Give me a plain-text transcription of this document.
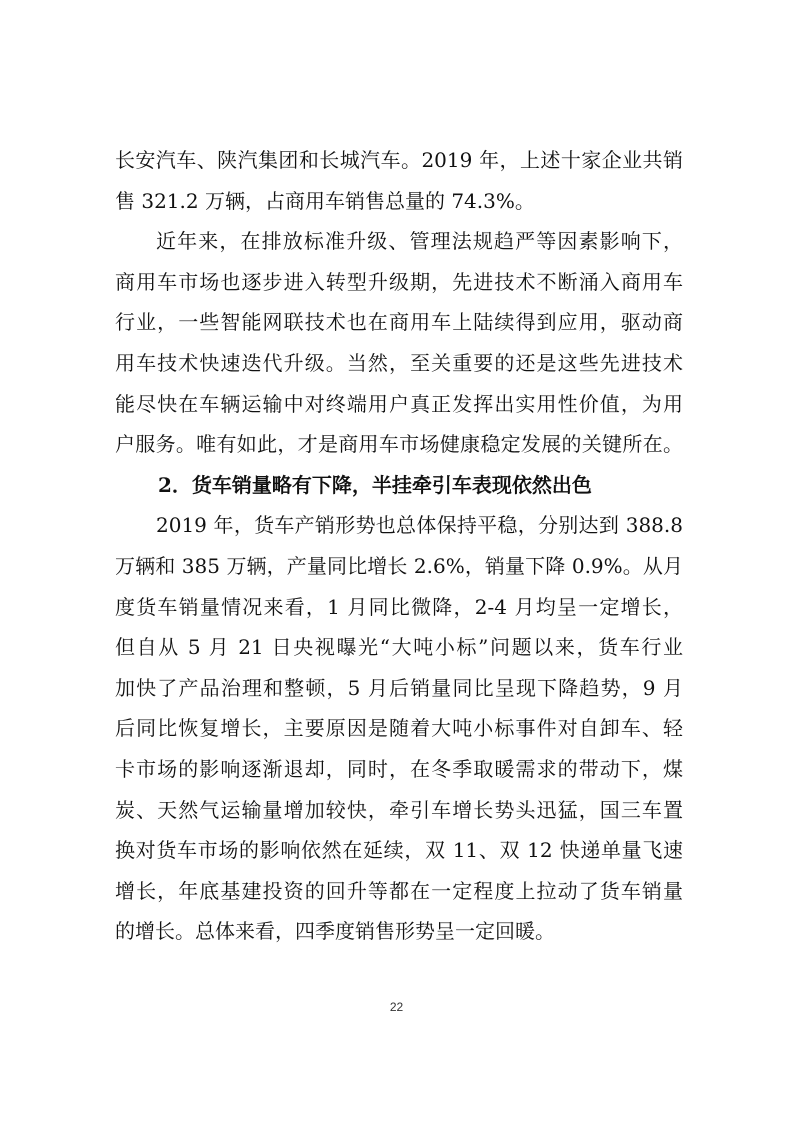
长安汽车、陕汽集团和长城汽车。2019 年，上述十家企业共销
售 321.2 万辆，占商用车销售总量的 74.3%。
近年来，在排放标准升级、管理法规趋严等因素影响下，
商用车市场也逐步进入转型升级期，先进技术不断涌入商用车
行业，一些智能网联技术也在商用车上陆续得到应用，驱动商
用车技术快速迭代升级。当然，至关重要的还是这些先进技术
能尽快在车辆运输中对终端用户真正发挥出实用性价值，为用
户服务。唯有如此，才是商用车市场健康稳定发展的关键所在。
2．货车销量略有下降，半挂牵引车表现依然出色
2019 年，货车产销形势也总体保持平稳，分别达到 388.8
万辆和 385 万辆，产量同比增长 2.6%，销量下降 0.9%。从月
度货车销量情况来看，1 月同比微降，2-4 月均呈一定增长，
但自从 5 月 21 日央视曝光“大吨小标”问题以来，货车行业
加快了产品治理和整顿，5 月后销量同比呈现下降趋势，9 月
后同比恢复增长，主要原因是随着大吨小标事件对自卸车、轻
卡市场的影响逐渐退却，同时，在冬季取暖需求的带动下，煤
炭、天然气运输量增加较快，牵引车增长势头迅猛，国三车置
换对货车市场的影响依然在延续，双 11、双 12 快递单量飞速
增长，年底基建投资的回升等都在一定程度上拉动了货车销量
的增长。总体来看，四季度销售形势呈一定回暖。
22
